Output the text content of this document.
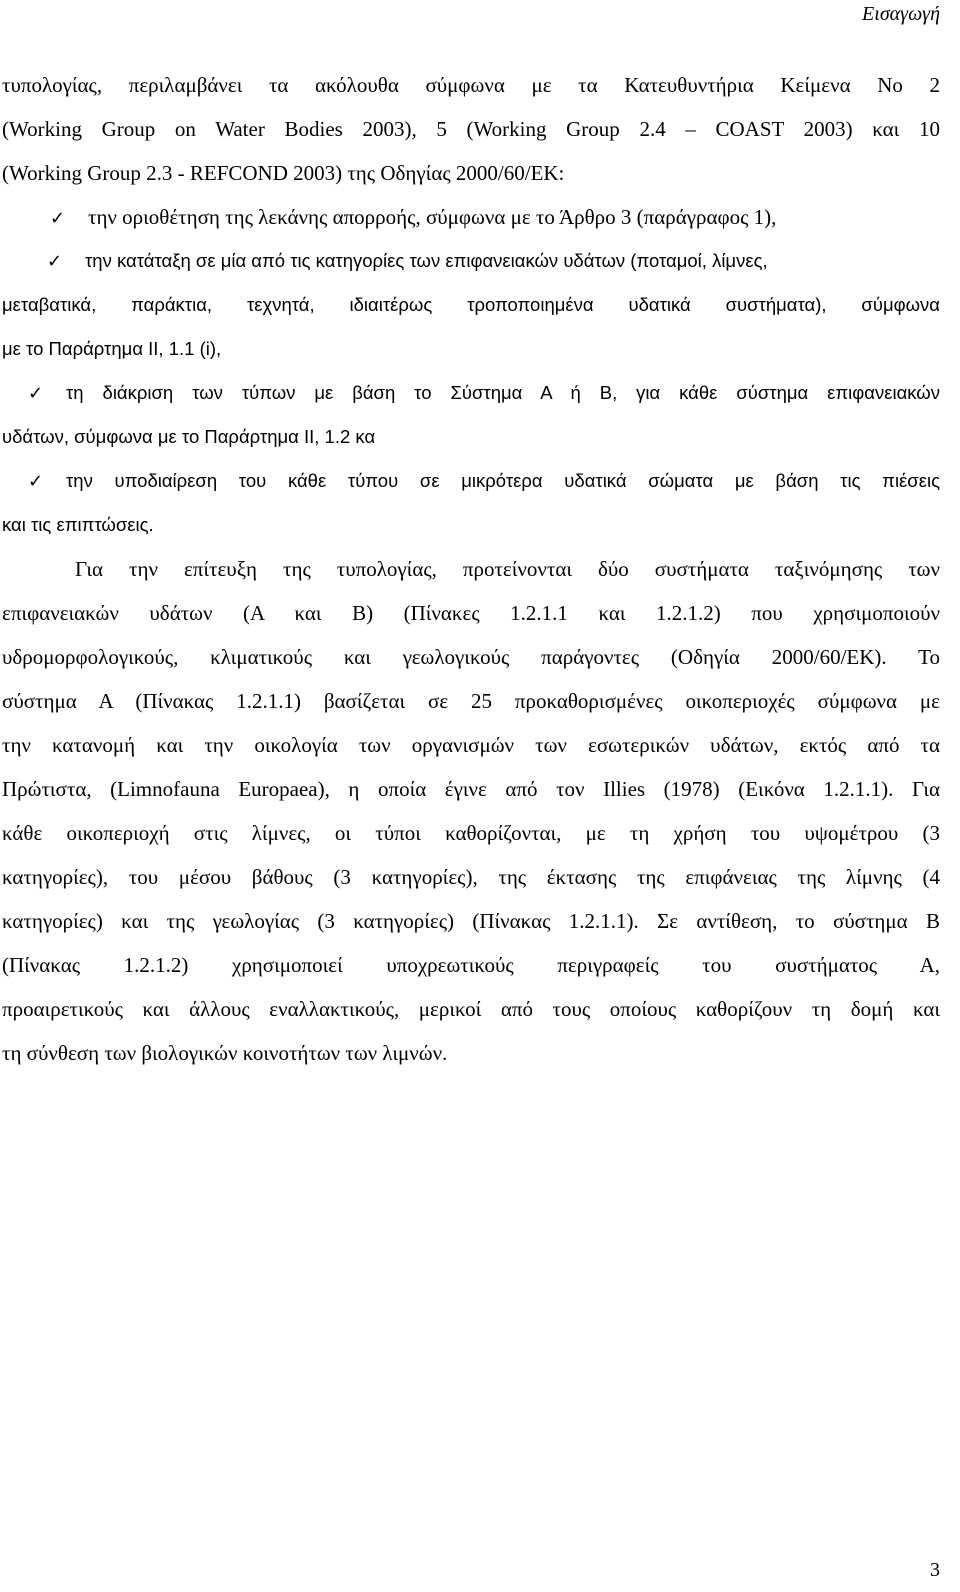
Εισαγωγή
τυπολογίας, περιλαμβάνει τα ακόλουθα σύμφωνα με τα Κατευθυντήρια Κείμενα Νο 2
(Working Group on Water Bodies 2003), 5 (Working Group 2.4 – COAST 2003) και 10
(Working Group 2.3 - REFCOND 2003) της Οδηγίας 2000/60/ΕΚ:
✓ την οριοθέτηση της λεκάνης απορροής, σύμφωνα με το Άρθρο 3 (παράγραφος 1),
✓ την κατάταξη σε μία από τις κατηγορίες των επιφανειακών υδάτων (ποταμοί, λίμνες,
μεταβατικά, παράκτια, τεχνητά, ιδιαιτέρως τροποποιημένα υδατικά συστήματα), σύμφωνα
με το Παράρτημα ΙΙ, 1.1 (i),
✓ τη διάκριση των τύπων με βάση το Σύστημα Α ή Β, για κάθε σύστημα επιφανειακών
υδάτων, σύμφωνα με το Παράρτημα ΙΙ, 1.2 κα
✓ την υποδιαίρεση του κάθε τύπου σε μικρότερα υδατικά σώματα με βάση τις πιέσεις
και τις επιπτώσεις.
Για την επίτευξη της τυπολογίας, προτείνονται δύο συστήματα ταξινόμησης των
επιφανειακών υδάτων (Α και Β) (Πίνακες 1.2.1.1 και 1.2.1.2) που χρησιμοποιούν
υδρομορφολογικούς, κλιματικούς και γεωλογικούς παράγοντες (Οδηγία 2000/60/ΕΚ). Το
σύστημα Α (Πίνακας 1.2.1.1) βασίζεται σε 25 προκαθορισμένες οικοπεριοχές σύμφωνα με
την κατανομή και την οικολογία των οργανισμών των εσωτερικών υδάτων, εκτός από τα
Πρώτιστα, (Limnofauna Europaea), η οποία έγινε από τον Illies (1978) (Εικόνα 1.2.1.1). Για
κάθε οικοπεριοχή στις λίμνες, οι τύποι καθορίζονται, με τη χρήση του υψομέτρου (3
κατηγορίες), του μέσου βάθους (3 κατηγορίες), της έκτασης της επιφάνειας της λίμνης (4
κατηγορίες) και της γεωλογίας (3 κατηγορίες) (Πίνακας 1.2.1.1). Σε αντίθεση, το σύστημα Β
(Πίνακας 1.2.1.2) χρησιμοποιεί υποχρεωτικούς περιγραφείς του συστήματος Α,
προαιρετικούς και άλλους εναλλακτικούς, μερικοί από τους οποίους καθορίζουν τη δομή και
τη σύνθεση των βιολογικών κοινοτήτων των λιμνών.
3
